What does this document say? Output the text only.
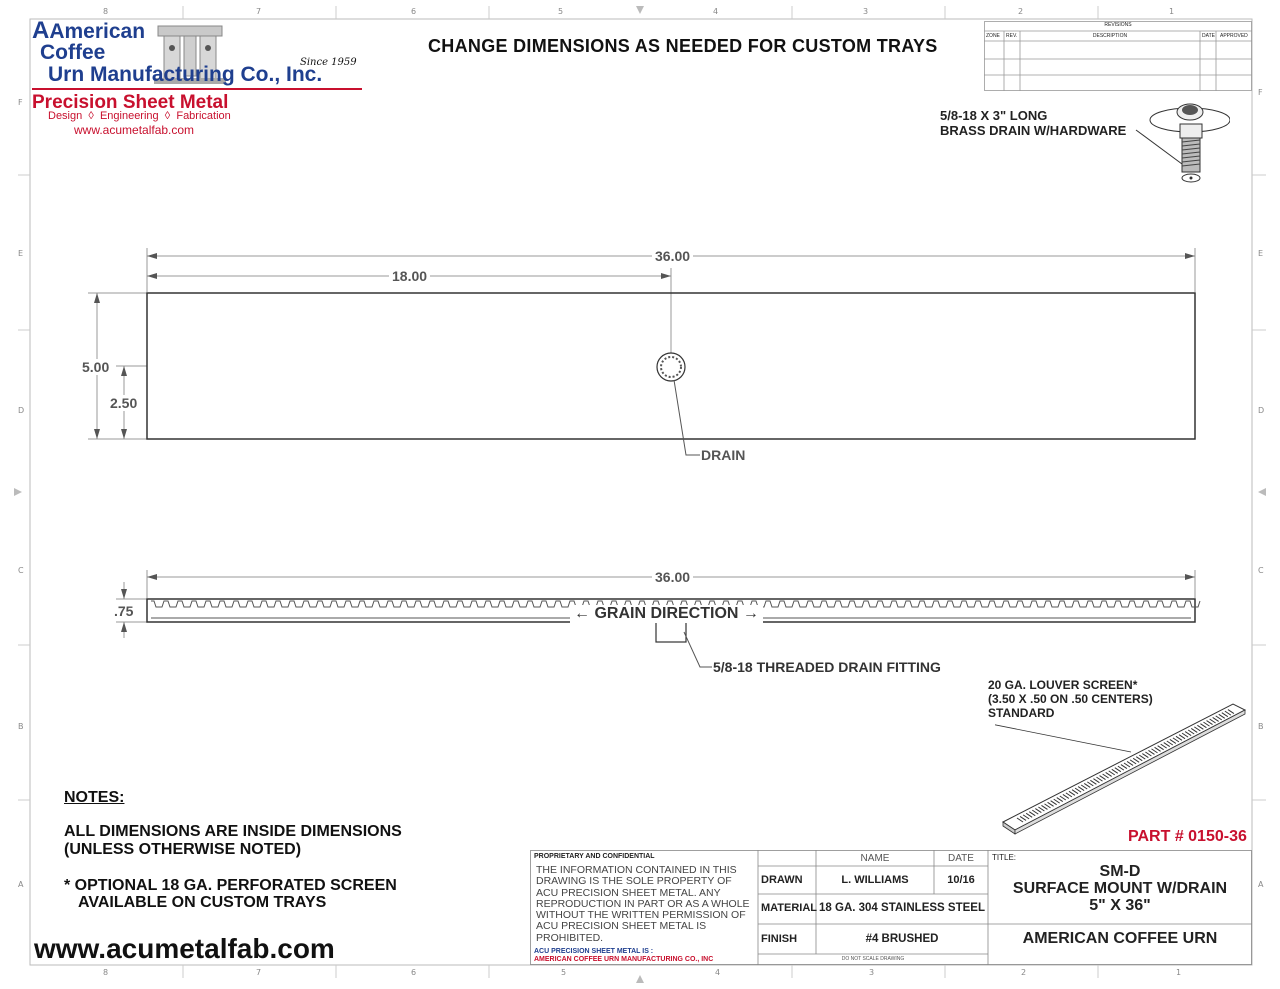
8	7	6	5	4	3	2	1
8	7	6	5	4	3	2	1
F
E
D
C
B
A
F
E
D
C
B
A
AAmerican
Coffee
Urn Manufacturing Co., Inc.
Since 1959
Precision Sheet Metal
Design ◊ Engineering ◊ Fabrication
www.acumetalfab.com
CHANGE DIMENSIONS AS NEEDED FOR CUSTOM TRAYS
REVISIONS
ZONE REV.	DESCRIPTION	DATE APPROVED
5/8-18 X 3" LONG
BRASS DRAIN W/HARDWARE
36.00
18.00
5.00
2.50
DRAIN
36.00
.75	← GRAIN DIRECTION →
5/8-18 THREADED DRAIN FITTING
20 GA. LOUVER SCREEN*
(3.50 X .50 ON .50 CENTERS)
STANDARD
PART # 0150-36
NOTES:
ALL DIMENSIONS ARE INSIDE DIMENSIONS
(UNLESS OTHERWISE NOTED)
* OPTIONAL 18 GA. PERFORATED SCREEN
AVAILABLE ON CUSTOM TRAYS
www.acumetalfab.com
PROPRIETARY AND CONFIDENTIAL
THE INFORMATION CONTAINED IN THIS DRAWING IS THE SOLE PROPERTY OF ACU PRECISION SHEET METAL. ANY REPRODUCTION IN PART OR AS A WHOLE WITHOUT THE WRITTEN PERMISSION OF ACU PRECISION SHEET METAL IS PROHIBITED.
ACU PRECISION SHEET METAL IS :
AMERICAN COFFEE URN MANUFACTURING CO., INC
NAME	DATE
DRAWN	L. WILLIAMS	10/16
MATERIAL 18 GA. 304 STAINLESS STEEL
FINISH	#4 BRUSHED
DO NOT SCALE DRAWING
TITLE:
SM-D
SURFACE MOUNT W/DRAIN
5" X 36"
AMERICAN COFFEE URN
